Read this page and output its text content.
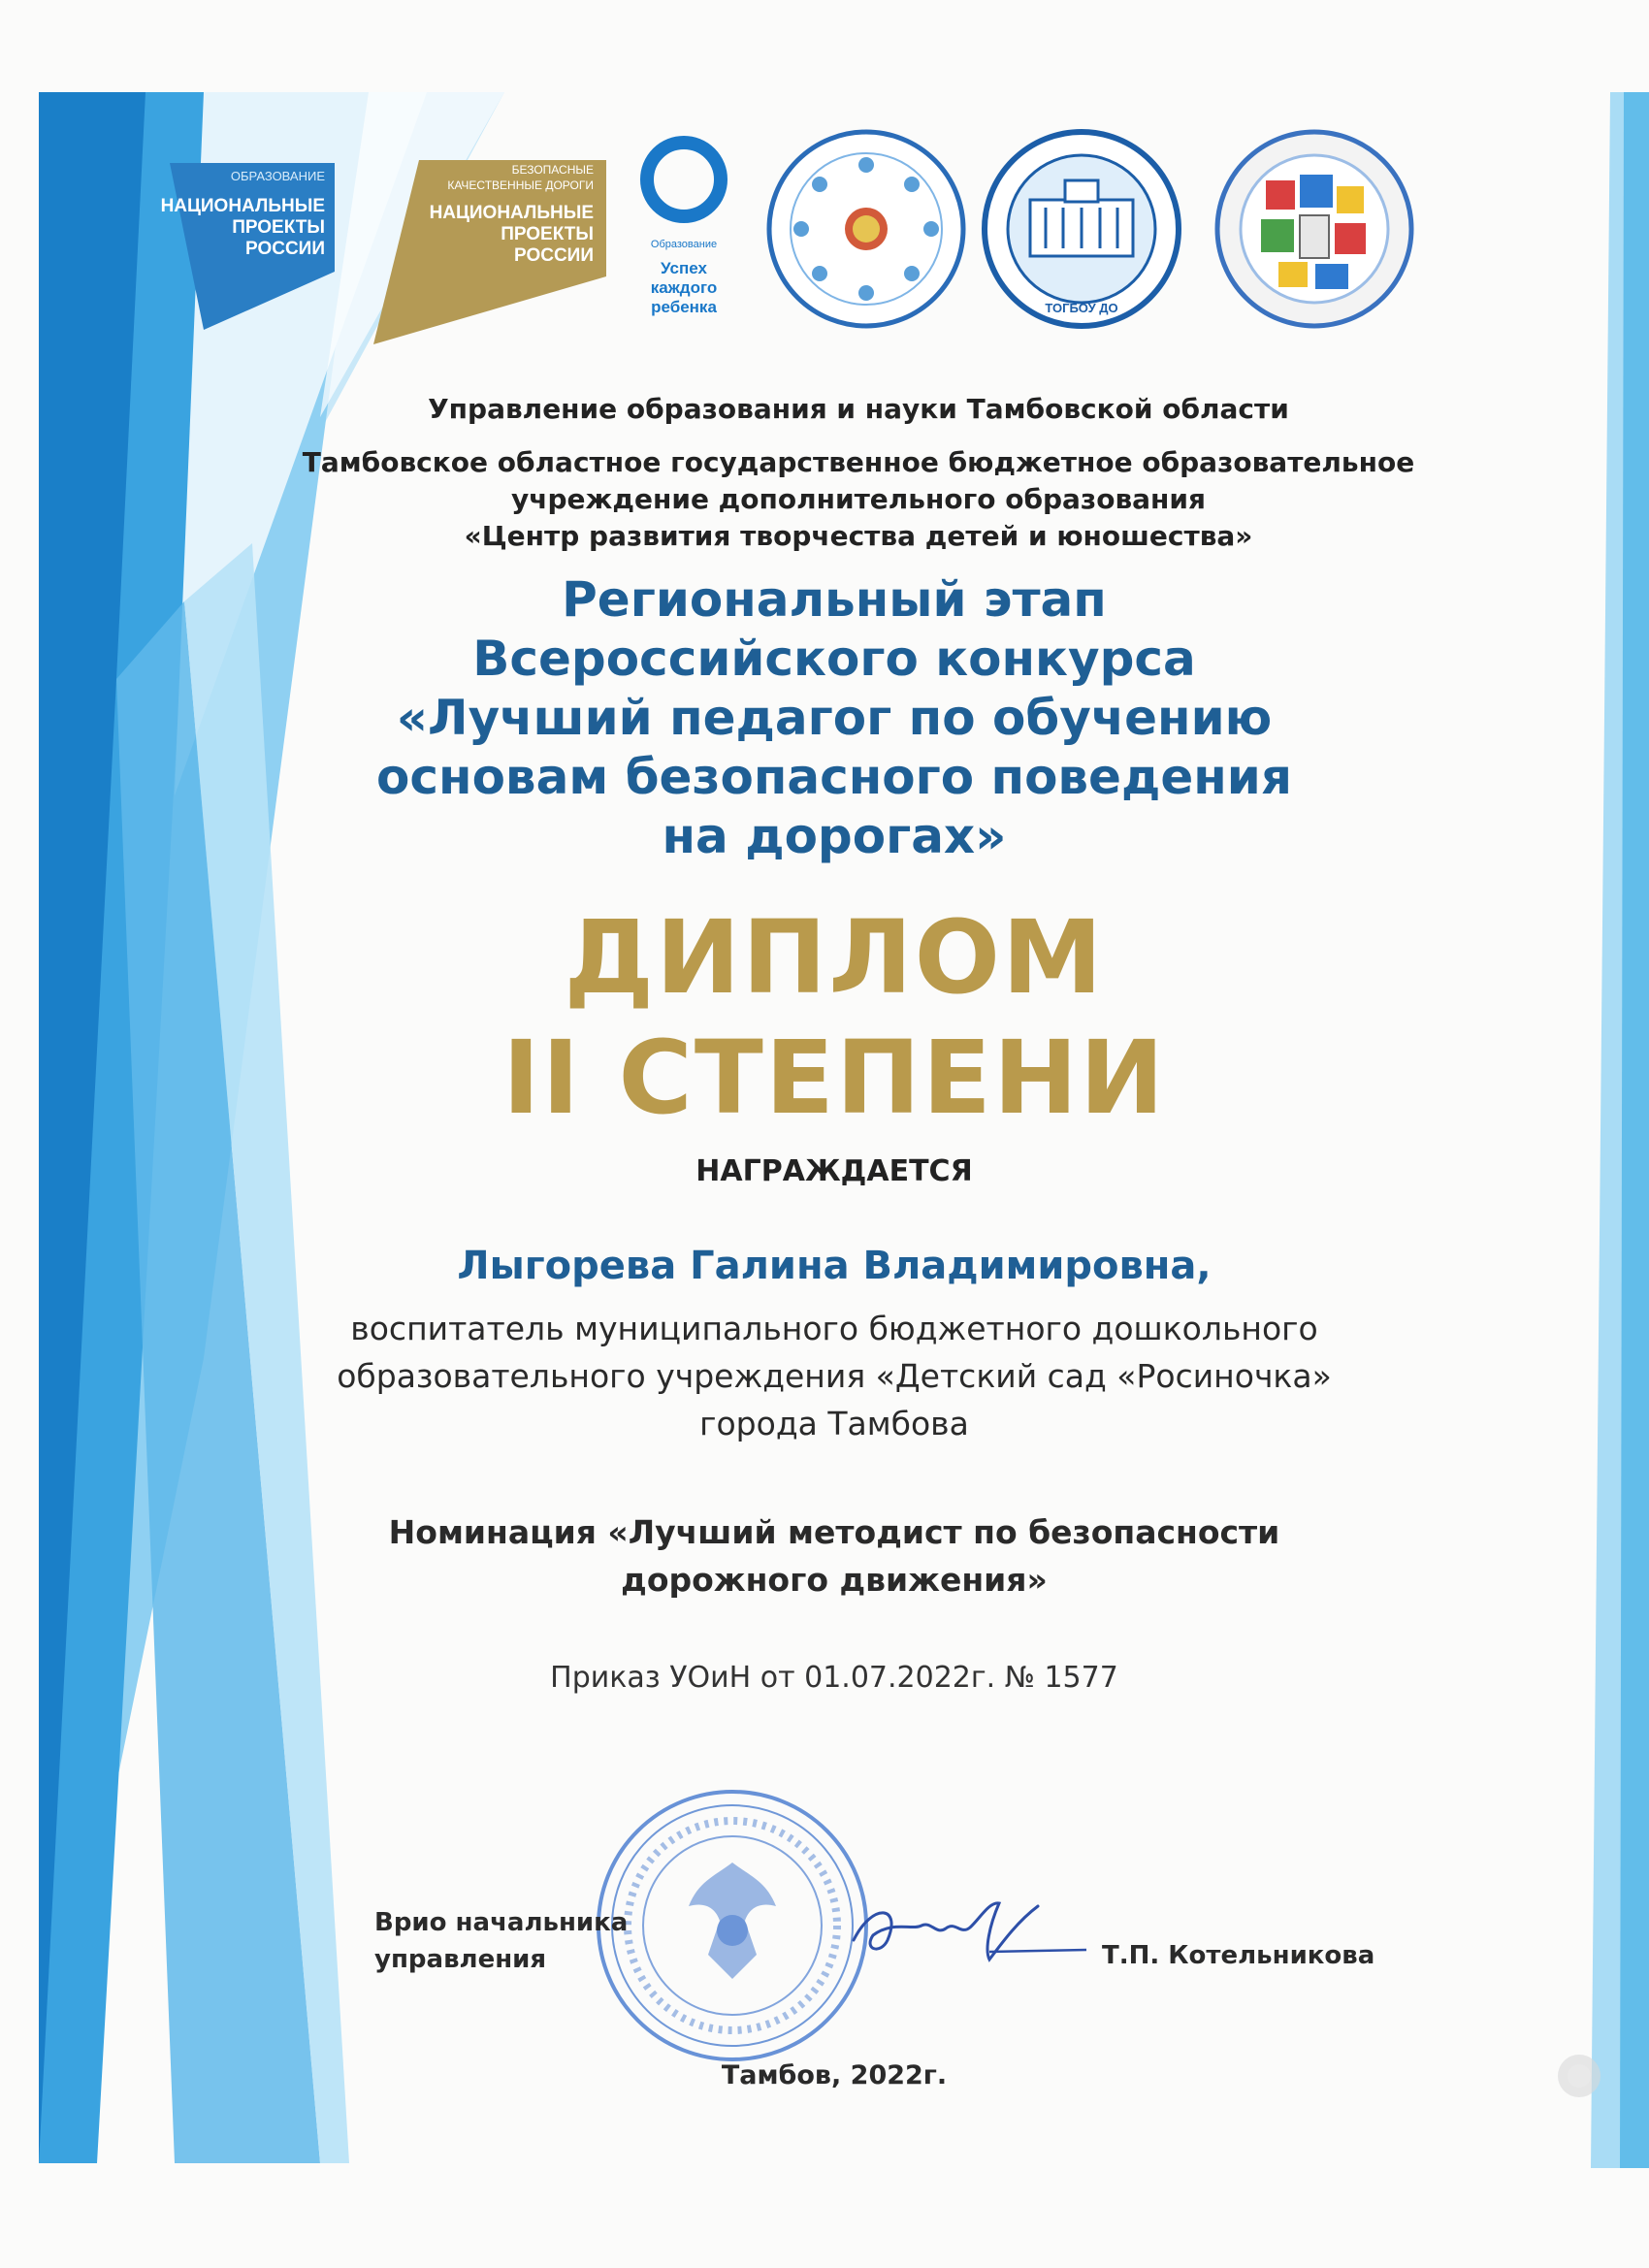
ОБРАЗОВАНИЕ
НАЦИОНАЛЬНЫЕ
ПРОЕКТЫ
РОССИИ
БЕЗОПАСНЫЕ
КАЧЕСТВЕННЫЕ ДОРОГИ
НАЦИОНАЛЬНЫЕ
ПРОЕКТЫ
РОССИИ
Образование
Успех
каждого
ребенка	ТОГБОУ ДО
Управление образования и науки Тамбовской области
Тамбовское областное государственное бюджетное образовательное
учреждение дополнительного образования
«Центр развития творчества детей и юношества»
Региональный этап
Всероссийского конкурса
«Лучший педагог по обучению
основам безопасного поведения
на дорогах»
ДИПЛОМ
II СТЕПЕНИ
НАГРАЖДАЕТСЯ
Лыгорева Галина Владимировна,
воспитатель муниципального бюджетного дошкольного
образовательного учреждения «Детский сад «Росиночка»
города Тамбова
Номинация «Лучший методист по безопасности
дорожного движения»
Приказ УОиН от 01.07.2022г. № 1577
Врио начальника
управления	Т.П. Котельникова
Тамбов, 2022г.
